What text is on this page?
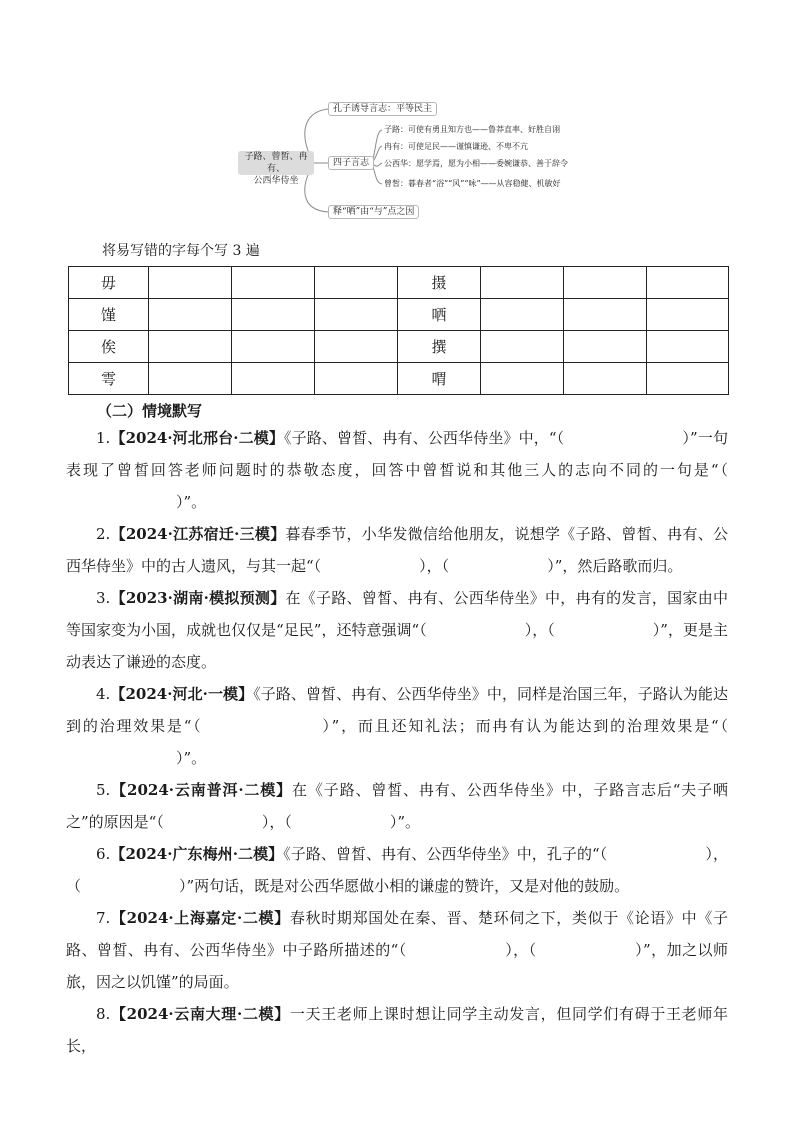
子路、曾皙、冉有、
公西华侍坐
孔子诱导言志：平等民主
四子言志
释“哂”由“与”点之因
子路：可使有勇且知方也——鲁莽直率、好胜自诩
冉有：可使足民——谨慎谦逊、不卑不亢
公西华：愿学焉，愿为小相——委婉谦恭、善于辞令
曾皙：暮春者“浴”“风”“咏”——从容稳健、机敏好
将易写错的字每个写 3 遍
毋				摄			
馑				哂			
俟				撰			
雩				喟			
（二）情境默写

1.【2024·河北邢台·二模】《子路、曾皙、冉有、公西华侍坐》中，“（	）”一句表现了曾皙回答老师问题时的恭敬态度，回答中曾皙说和其他三人的志向不同的一句是“（）”。

2.【2024·江苏宿迁·三模】暮春季节，小华发微信给他朋友，说想学《子路、曾皙、冉有、公西华侍坐》中的古人遗风，与其一起“（	），（	）”，然后路歌而归。

3.【2023·湖南·模拟预测】在《子路、曾皙、冉有、公西华侍坐》中，冉有的发言，国家由中等国家变为小国，成就也仅仅是“足民”，还特意强调“（	），（	）”，更是主动表达了谦逊的态度。

4.【2024·河北·一模】《子路、曾皙、冉有、公西华侍坐》中，同样是治国三年，子路认为能达到的治理效果是“（	）”，而且还知礼法；而冉有认为能达到的治理效果是“（）”。

5.【2024·云南普洱·二模】在《子路、曾皙、冉有、公西华侍坐》中，子路言志后“夫子哂之”的原因是“（	），（	）”。

6.【2024·广东梅州·二模】《子路、曾皙、冉有、公西华侍坐》中，孔子的“（	），（	）”两句话，既是对公西华愿做小相的谦虚的赞许，又是对他的鼓励。

7.【2024·上海嘉定·二模】春秋时期郑国处在秦、晋、楚环伺之下，类似于《论语》中《子路、曾皙、冉有、公西华侍坐》中子路所描述的“（	），（	）”，加之以师旅，因之以饥馑”的局面。

8.【2024·云南大理·二模】一天王老师上课时想让同学主动发言，但同学们有碍于王老师年长，
